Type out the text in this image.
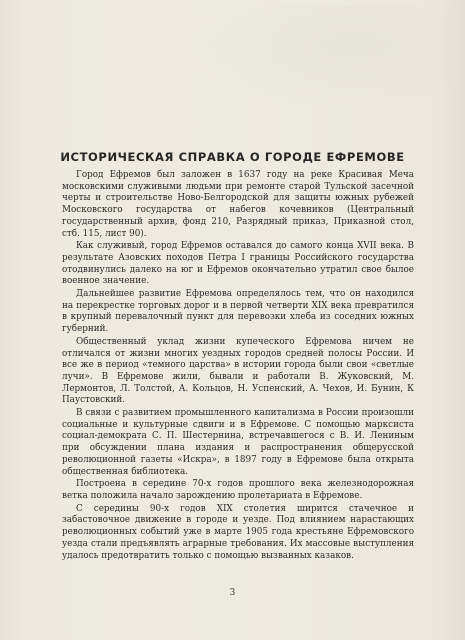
ИСТОРИЧЕСКАЯ СПРАВКА О ГОРОДЕ ЕФРЕМОВЕ

Город Ефремов был заложен в 1637 году на реке Красивая Меча московскими служивыми людьми при ремонте старой Тульской засечной черты и строительстве Ново-Белгородской для защиты южных рубежей Московского государства от набегов кочевников (Центральный государственный архив, фонд 210, Разрядный приказ, Приказной стол, стб. 115, лист 90).

Как служивый, город Ефремов оставался до самого конца XVII века. В результате Азовских походов Петра I границы Российского государства отодвинулись далеко на юг и Ефремов окончательно утратил свое былое военное значение.

Дальнейшее развитие Ефремова определялось тем, что он находился на перекрестке торговых дорог и в первой четверти XIX века превратился в крупный перевалочный пункт для перевозки хлеба из соседних южных губерний.

Общественный уклад жизни купеческого Ефремова ничем не отличался от жизни многих уездных городов средней полосы России. И все же в период «темного царства» в истории города были свои «светлые лучи». В Ефремове жили, бывали и работали В. Жуковский, М. Лермонтов, Л. Толстой, А. Кольцов, Н. Успенский, А. Чехов, И. Бунин, К Паустовский.

В связи с развитием промышленного капитализма в России произошли социальные и культурные сдвиги и в Ефремове. С помощью марксиста социал-демократа С. П. Шестернина, встречавшегося с В. И. Лениным при обсуждении плана издания и распространения общерусской революционной газеты «Искра», в 1897 году в Ефремове была открыта общественная библиотека.

Построена в середине 70-х годов прошлого века железнодорожная ветка положила начало зарождению пролетариата в Ефремове.

С середины 90-х годов XIX столетия ширится стачечное и забастовочное движение в городе и уезде. Под влиянием нарастающих революционных событий уже в марте 1905 года крестьяне Ефремовского уезда стали предъявлять аграрные требования. Их массовые выступления удалось предотвратить только с помощью вызванных казаков.

3
